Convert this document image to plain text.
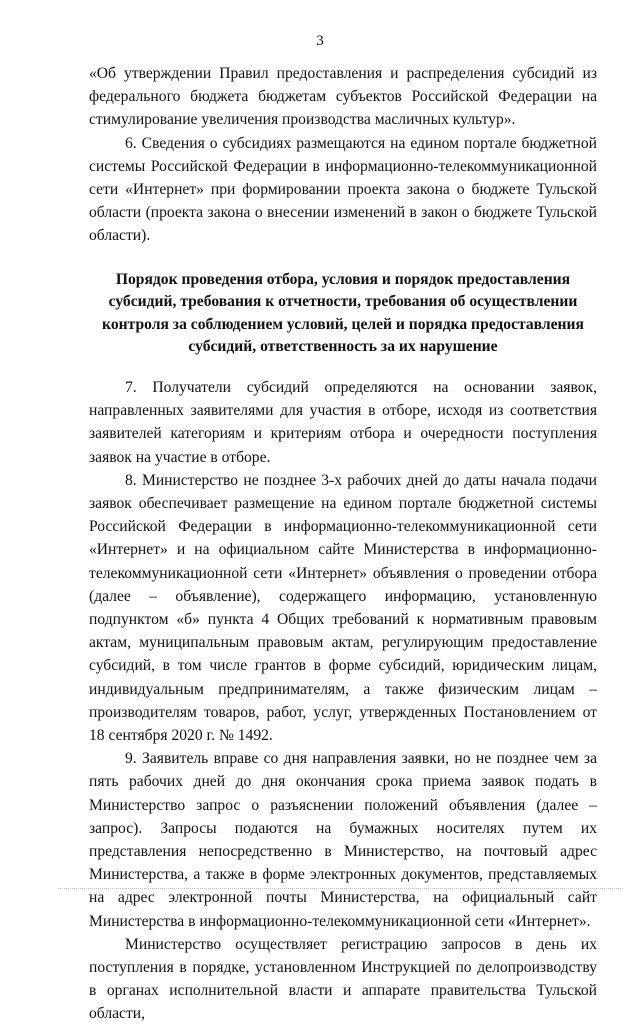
3

«Об утверждении Правил предоставления и распределения субсидий из федерального бюджета бюджетам субъектов Российской Федерации на стимулирование увеличения производства масличных культур».

6. Сведения о субсидиях размещаются на едином портале бюджетной системы Российской Федерации в информационно-телекоммуникационной сети «Интернет» при формировании проекта закона о бюджете Тульской области (проекта закона о внесении изменений в закон о бюджете Тульской области).

Порядок проведения отбора, условия и порядок предоставления
субсидий, требования к отчетности, требования об осуществлении
контроля за соблюдением условий, целей и порядка предоставления
субсидий, ответственность за их нарушение

7. Получатели субсидий определяются на основании заявок, направленных заявителями для участия в отборе, исходя из соответствия заявителей категориям и критериям отбора и очередности поступления заявок на участие в отборе.

8. Министерство не позднее 3-х рабочих дней до даты начала подачи заявок обеспечивает размещение на едином портале бюджетной системы Российской Федерации в информационно-телекоммуникационной сети «Интернет» и на официальном сайте Министерства в информационно-телекоммуникационной сети «Интернет» объявления о проведении отбора (далее – объявление), содержащего информацию, установленную подпунктом «б» пункта 4 Общих требований к нормативным правовым актам, муниципальным правовым актам, регулирующим предоставление субсидий, в том числе грантов в форме субсидий, юридическим лицам, индивидуальным предпринимателям, а также физическим лицам – производителям товаров, работ, услуг, утвержденных Постановлением от 18 сентября 2020 г. № 1492.

9. Заявитель вправе со дня направления заявки, но не позднее чем за пять рабочих дней до дня окончания срока приема заявок подать в Министерство запрос о разъяснении положений объявления (далее – запрос). Запросы подаются на бумажных носителях путем их представления непосредственно в Министерство, на почтовый адрес Министерства, а также в форме электронных документов, представляемых на адрес электронной почты Министерства, на официальный сайт Министерства в информационно-телекоммуникационной сети «Интернет».

Министерство осуществляет регистрацию запросов в день их поступления в порядке, установленном Инструкцией по делопроизводству в органах исполнительной власти и аппарате правительства Тульской области,
